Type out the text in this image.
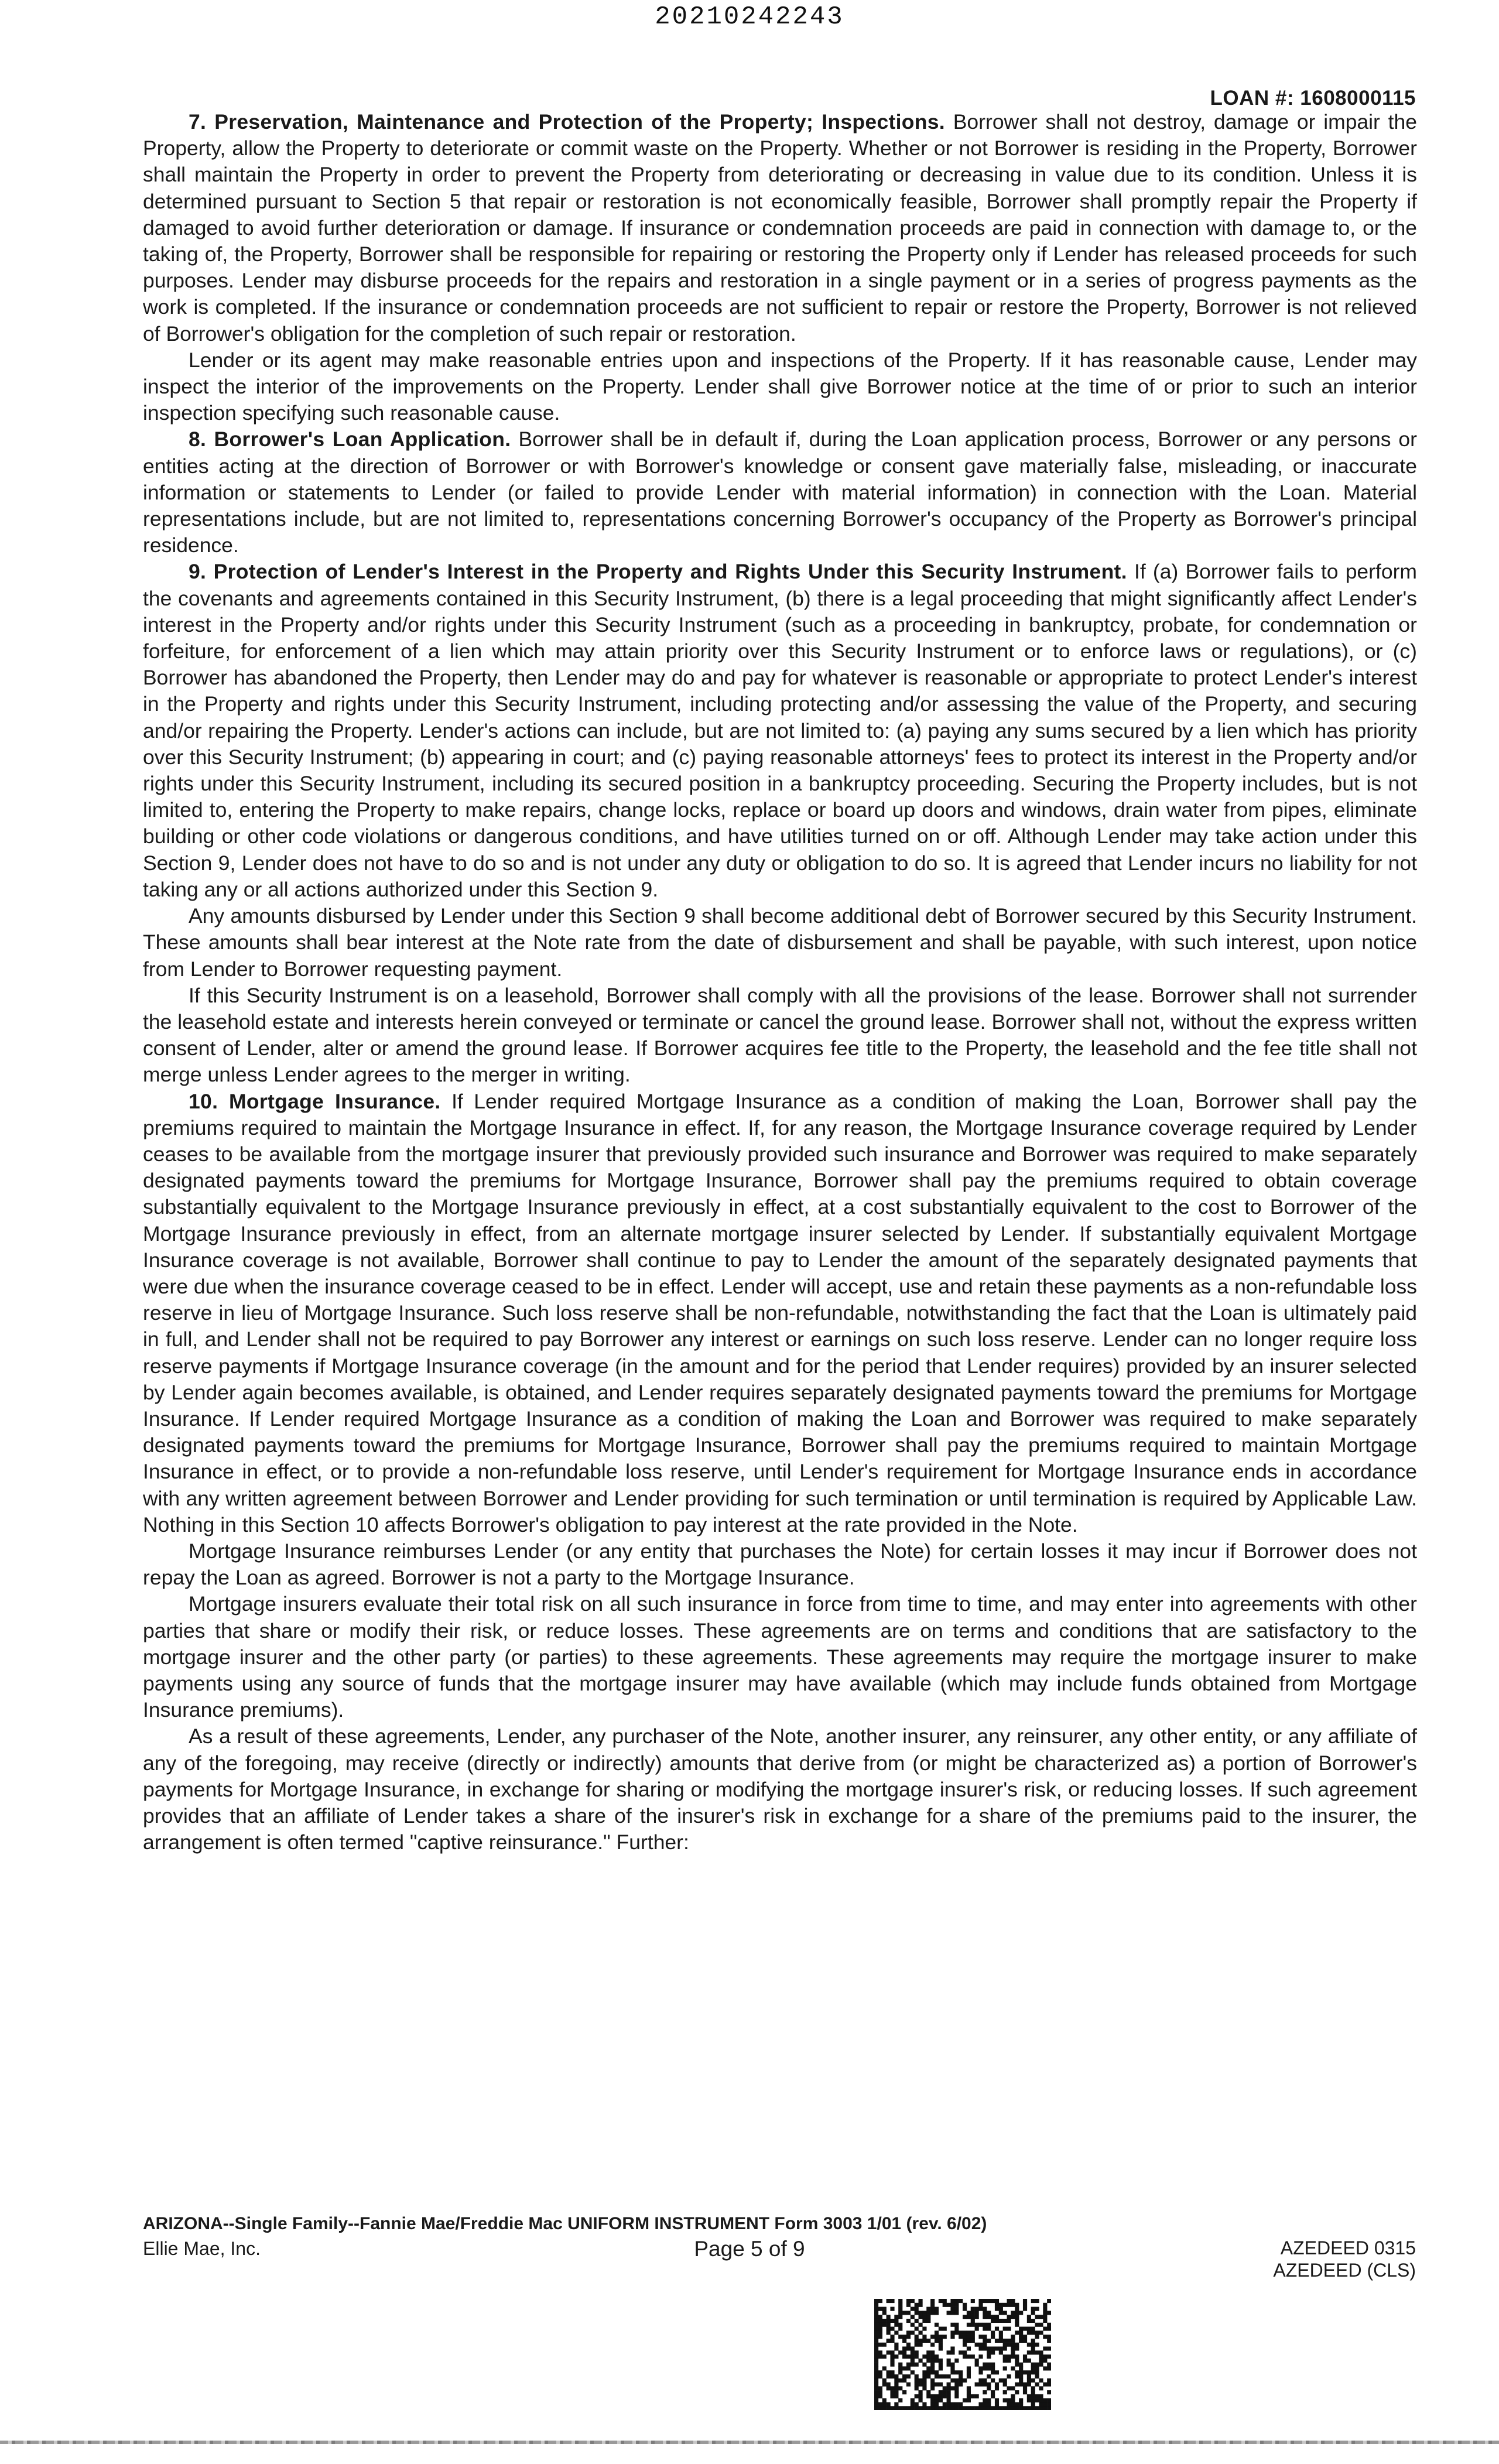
20210242243
LOAN #: 1608000115

7. Preservation, Maintenance and Protection of the Property; Inspections. Borrower shall not destroy, damage or impair the Property, allow the Property to deteriorate or commit waste on the Property. Whether or not Borrower is residing in the Property, Borrower shall maintain the Property in order to prevent the Property from deteriorating or decreasing in value due to its condition. Unless it is determined pursuant to Section 5 that repair or restoration is not economically feasible, Borrower shall promptly repair the Property if damaged to avoid further deterioration or damage. If insurance or condemnation proceeds are paid in connection with damage to, or the taking of, the Property, Borrower shall be responsible for repairing or restoring the Property only if Lender has released proceeds for such purposes. Lender may disburse proceeds for the repairs and restoration in a single payment or in a series of progress payments as the work is completed. If the insurance or condemnation proceeds are not sufficient to repair or restore the Property, Borrower is not relieved of Borrower's obligation for the completion of such repair or restoration.

Lender or its agent may make reasonable entries upon and inspections of the Property. If it has reasonable cause, Lender may inspect the interior of the improvements on the Property. Lender shall give Borrower notice at the time of or prior to such an interior inspection specifying such reasonable cause.

8. Borrower's Loan Application. Borrower shall be in default if, during the Loan application process, Borrower or any persons or entities acting at the direction of Borrower or with Borrower's knowledge or consent gave materially false, misleading, or inaccurate information or statements to Lender (or failed to provide Lender with material information) in connection with the Loan. Material representations include, but are not limited to, representations concerning Borrower's occupancy of the Property as Borrower's principal residence.

9. Protection of Lender's Interest in the Property and Rights Under this Security Instrument. If (a) Borrower fails to perform the covenants and agreements contained in this Security Instrument, (b) there is a legal proceeding that might significantly affect Lender's interest in the Property and/or rights under this Security Instrument (such as a proceeding in bankruptcy, probate, for condemnation or forfeiture, for enforcement of a lien which may attain priority over this Security Instrument or to enforce laws or regulations), or (c) Borrower has abandoned the Property, then Lender may do and pay for whatever is reasonable or appropriate to protect Lender's interest in the Property and rights under this Security Instrument, including protecting and/or assessing the value of the Property, and securing and/or repairing the Property. Lender's actions can include, but are not limited to: (a) paying any sums secured by a lien which has priority over this Security Instrument; (b) appearing in court; and (c) paying reasonable attorneys' fees to protect its interest in the Property and/or rights under this Security Instrument, including its secured position in a bankruptcy proceeding. Securing the Property includes, but is not limited to, entering the Property to make repairs, change locks, replace or board up doors and windows, drain water from pipes, eliminate building or other code violations or dangerous conditions, and have utilities turned on or off. Although Lender may take action under this Section 9, Lender does not have to do so and is not under any duty or obligation to do so. It is agreed that Lender incurs no liability for not taking any or all actions authorized under this Section 9.

Any amounts disbursed by Lender under this Section 9 shall become additional debt of Borrower secured by this Security Instrument. These amounts shall bear interest at the Note rate from the date of disbursement and shall be payable, with such interest, upon notice from Lender to Borrower requesting payment.

If this Security Instrument is on a leasehold, Borrower shall comply with all the provisions of the lease. Borrower shall not surrender the leasehold estate and interests herein conveyed or terminate or cancel the ground lease. Borrower shall not, without the express written consent of Lender, alter or amend the ground lease. If Borrower acquires fee title to the Property, the leasehold and the fee title shall not merge unless Lender agrees to the merger in writing.

10. Mortgage Insurance. If Lender required Mortgage Insurance as a condition of making the Loan, Borrower shall pay the premiums required to maintain the Mortgage Insurance in effect. If, for any reason, the Mortgage Insurance coverage required by Lender ceases to be available from the mortgage insurer that previously provided such insurance and Borrower was required to make separately designated payments toward the premiums for Mortgage Insurance, Borrower shall pay the premiums required to obtain coverage substantially equivalent to the Mortgage Insurance previously in effect, at a cost substantially equivalent to the cost to Borrower of the Mortgage Insurance previously in effect, from an alternate mortgage insurer selected by Lender. If substantially equivalent Mortgage Insurance coverage is not available, Borrower shall continue to pay to Lender the amount of the separately designated payments that were due when the insurance coverage ceased to be in effect. Lender will accept, use and retain these payments as a non-refundable loss reserve in lieu of Mortgage Insurance. Such loss reserve shall be non-refundable, notwithstanding the fact that the Loan is ultimately paid in full, and Lender shall not be required to pay Borrower any interest or earnings on such loss reserve. Lender can no longer require loss reserve payments if Mortgage Insurance coverage (in the amount and for the period that Lender requires) provided by an insurer selected by Lender again becomes available, is obtained, and Lender requires separately designated payments toward the premiums for Mortgage Insurance. If Lender required Mortgage Insurance as a condition of making the Loan and Borrower was required to make separately designated payments toward the premiums for Mortgage Insurance, Borrower shall pay the premiums required to maintain Mortgage Insurance in effect, or to provide a non-refundable loss reserve, until Lender's requirement for Mortgage Insurance ends in accordance with any written agreement between Borrower and Lender providing for such termination or until termination is required by Applicable Law. Nothing in this Section 10 affects Borrower's obligation to pay interest at the rate provided in the Note.

Mortgage Insurance reimburses Lender (or any entity that purchases the Note) for certain losses it may incur if Borrower does not repay the Loan as agreed. Borrower is not a party to the Mortgage Insurance.

Mortgage insurers evaluate their total risk on all such insurance in force from time to time, and may enter into agreements with other parties that share or modify their risk, or reduce losses. These agreements are on terms and conditions that are satisfactory to the mortgage insurer and the other party (or parties) to these agreements. These agreements may require the mortgage insurer to make payments using any source of funds that the mortgage insurer may have available (which may include funds obtained from Mortgage Insurance premiums).

As a result of these agreements, Lender, any purchaser of the Note, another insurer, any reinsurer, any other entity, or any affiliate of any of the foregoing, may receive (directly or indirectly) amounts that derive from (or might be characterized as) a portion of Borrower's payments for Mortgage Insurance, in exchange for sharing or modifying the mortgage insurer's risk, or reducing losses. If such agreement provides that an affiliate of Lender takes a share of the insurer's risk in exchange for a share of the premiums paid to the insurer, the arrangement is often termed "captive reinsurance." Further:

ARIZONA--Single Family--Fannie Mae/Freddie Mac UNIFORM INSTRUMENT Form 3003 1/01 (rev. 6/02)
Ellie Mae, Inc.	Page 5 of 9	AZEDEED 0315
AZEDEED (CLS)
